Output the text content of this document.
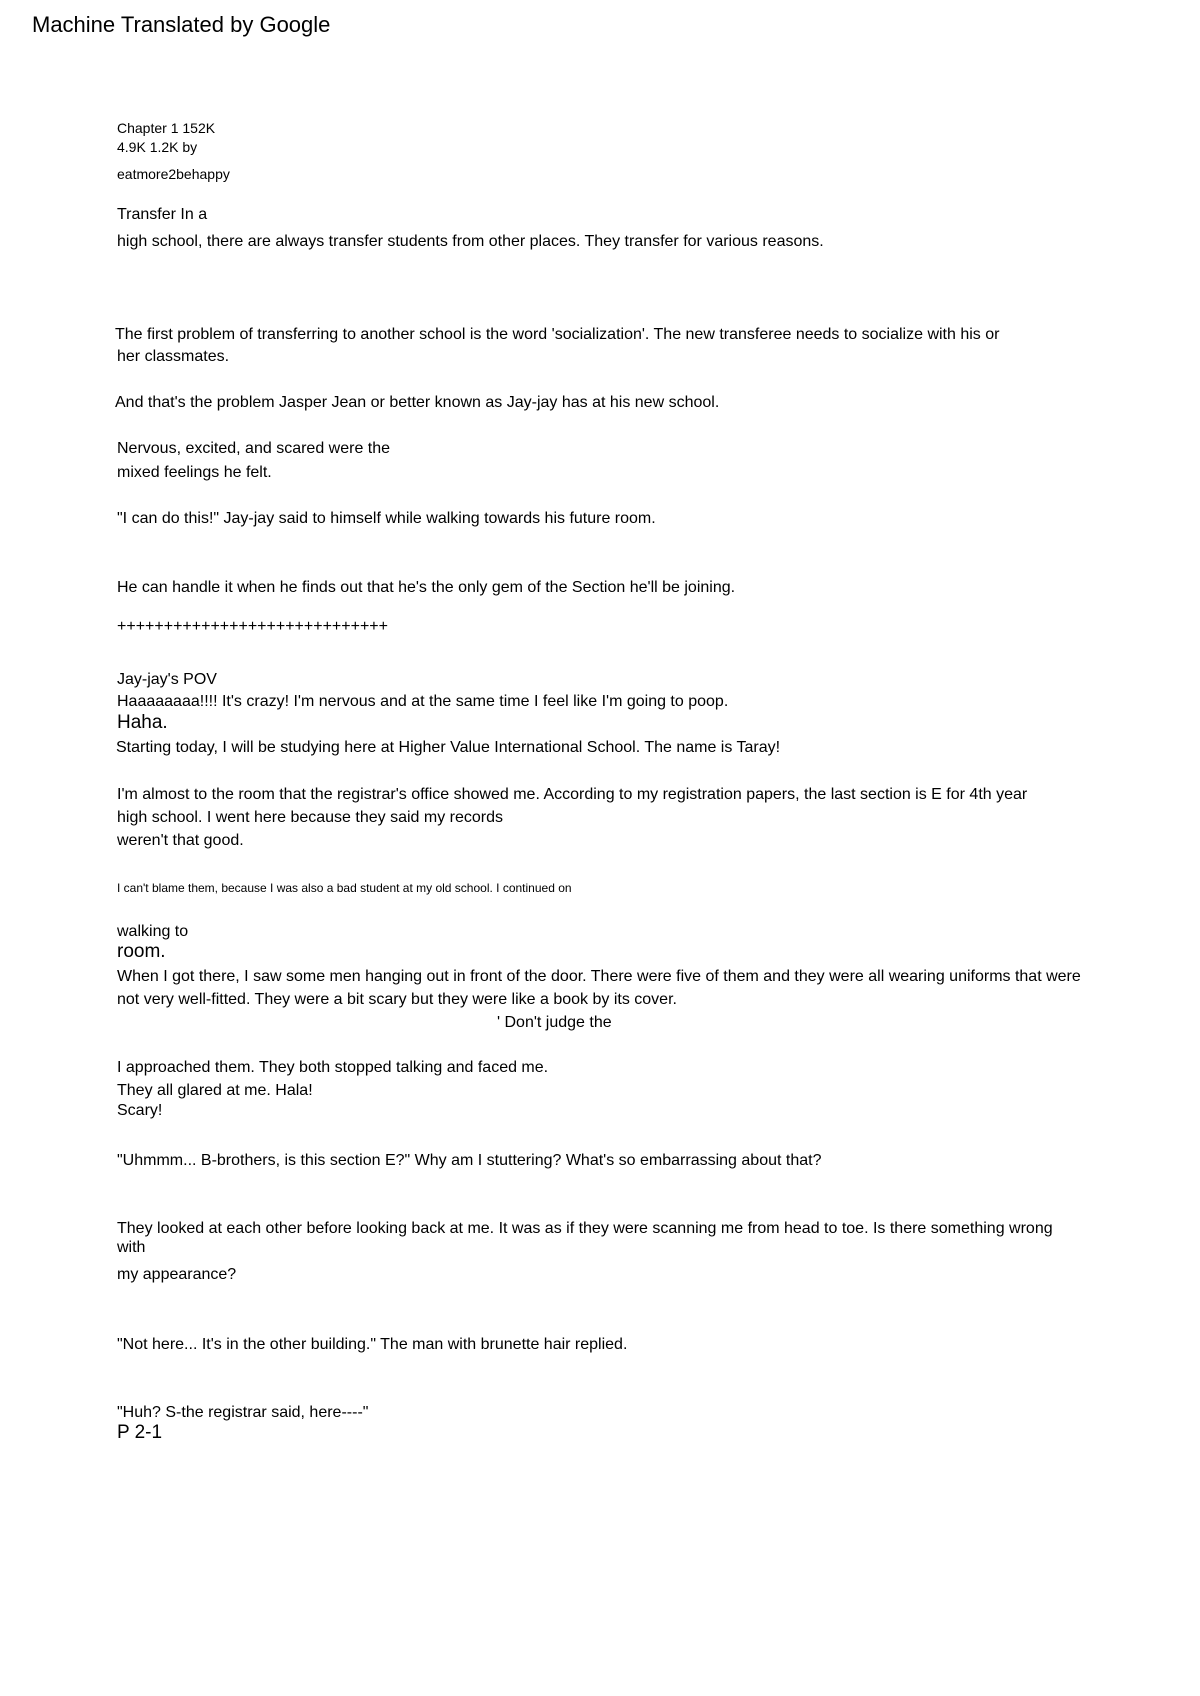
Machine Translated by Google
Chapter 1 152K
4.9K 1.2K by
eatmore2behappy
Transfer In a
high school, there are always transfer students from other places. They transfer for various reasons.
The first problem of transferring to another school is the word 'socialization'. The new transferee needs to socialize with his or
her classmates.
And that's the problem Jasper Jean or better known as Jay-jay has at his new school.
Nervous, excited, and scared were the
mixed feelings he felt.
"I can do this!" Jay-jay said to himself while walking towards his future room.
He can handle it when he finds out that he's the only gem of the Section he'll be joining.
+++++++++++++++++++++++++++++
Jay-jay's POV
Haaaaaaaa!!!! It's crazy! I'm nervous and at the same time I feel like I'm going to poop.
Haha.
Starting today, I will be studying here at Higher Value International School. The name is Taray!
I'm almost to the room that the registrar's office showed me. According to my registration papers, the last section is E for 4th year
high school. I went here because they said my records
weren't that good.
I can't blame them, because I was also a bad student at my old school. I continued on
walking to
room.
When I got there, I saw some men hanging out in front of the door. There were five of them and they were all wearing uniforms that were
not very well-fitted. They were a bit scary but they were like a book by its cover.
' Don't judge the
I approached them. They both stopped talking and faced me.
They all glared at me. Hala!
Scary!
"Uhmmm... B-brothers, is this section E?" Why am I stuttering? What's so embarrassing about that?
They looked at each other before looking back at me. It was as if they were scanning me from head to toe. Is there something wrong
with
my appearance?
"Not here... It's in the other building." The man with brunette hair replied.
"Huh? S-the registrar said, here----"
P 2-1
